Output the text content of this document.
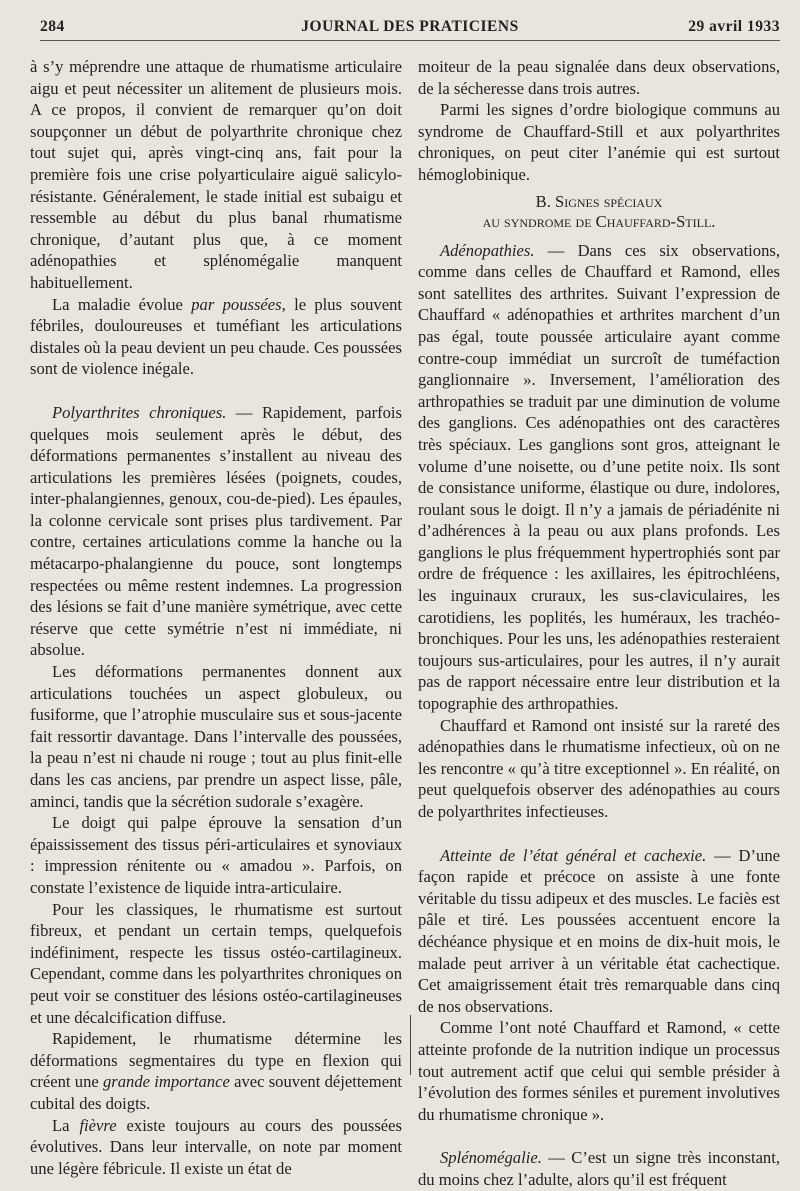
284	JOURNAL DES PRATICIENS	29 avril 1933

à s’y méprendre une attaque de rhumatisme articulaire aigu et peut nécessiter un alitement de plusieurs mois. A ce propos, il convient de remarquer qu’on doit soupçonner un début de polyarthrite chronique chez tout sujet qui, après vingt-cinq ans, fait pour la première fois une crise polyarticulaire aiguë salicylo-résistante. Généralement, le stade initial est subaigu et ressemble au début du plus banal rhumatisme chronique, d’autant plus que, à ce moment adénopathies et splénomégalie manquent habituellement.

La maladie évolue par poussées, le plus souvent fébriles, douloureuses et tuméfiant les articulations distales où la peau devient un peu chaude. Ces poussées sont de violence inégale.

Polyarthrites chroniques. — Rapidement, parfois quelques mois seulement après le début, des déformations permanentes s’installent au niveau des articulations les premières lésées (poignets, coudes, inter-phalangiennes, genoux, cou-de-pied). Les épaules, la colonne cervicale sont prises plus tardivement. Par contre, certaines articulations comme la hanche ou la métacarpo-phalangienne du pouce, sont longtemps respectées ou même restent indemnes. La progression des lésions se fait d’une manière symétrique, avec cette réserve que cette symétrie n’est ni immédiate, ni absolue.

Les déformations permanentes donnent aux articulations touchées un aspect globuleux, ou fusiforme, que l’atrophie musculaire sus et sous-jacente fait ressortir davantage. Dans l’intervalle des poussées, la peau n’est ni chaude ni rouge ; tout au plus finit-elle dans les cas anciens, par prendre un aspect lisse, pâle, aminci, tandis que la sécrétion sudorale s’exagère.

Le doigt qui palpe éprouve la sensation d’un épaississement des tissus péri-articulaires et synoviaux : impression rénitente ou « amadou ». Parfois, on constate l’existence de liquide intra-articulaire.

Pour les classiques, le rhumatisme est surtout fibreux, et pendant un certain temps, quelquefois indéfiniment, respecte les tissus ostéo-cartilagineux. Cependant, comme dans les polyarthrites chroniques on peut voir se constituer des lésions ostéo-cartilagineuses et une décalcification diffuse.

Rapidement, le rhumatisme détermine les déformations segmentaires du type en flexion qui créent une grande importance avec souvent déjettement cubital des doigts.

La fièvre existe toujours au cours des poussées évolutives. Dans leur intervalle, on note par moment une légère fébricule. Il existe un état de

moiteur de la peau signalée dans deux observations, de la sécheresse dans trois autres.

Parmi les signes d’ordre biologique communs au syndrome de Chauffard-Still et aux polyarthrites chroniques, on peut citer l’anémie qui est surtout hémoglobinique.

B. Signes spéciaux
au syndrome de Chauffard-Still.

Adénopathies. — Dans ces six observations, comme dans celles de Chauffard et Ramond, elles sont satellites des arthrites. Suivant l’expression de Chauffard « adénopathies et arthrites marchent d’un pas égal, toute poussée articulaire ayant comme contre-coup immédiat un surcroît de tuméfaction ganglionnaire ». Inversement, l’amélioration des arthropathies se traduit par une diminution de volume des ganglions. Ces adénopathies ont des caractères très spéciaux. Les ganglions sont gros, atteignant le volume d’une noisette, ou d’une petite noix. Ils sont de consistance uniforme, élastique ou dure, indolores, roulant sous le doigt. Il n’y a jamais de périadénite ni d’adhérences à la peau ou aux plans profonds. Les ganglions le plus fréquemment hypertrophiés sont par ordre de fréquence : les axillaires, les épitrochléens, les inguinaux cruraux, les sus-claviculaires, les carotidiens, les poplités, les huméraux, les trachéo-bronchiques. Pour les uns, les adénopathies resteraient toujours sus-articulaires, pour les autres, il n’y aurait pas de rapport nécessaire entre leur distribution et la topographie des arthropathies.

Chauffard et Ramond ont insisté sur la rareté des adénopathies dans le rhumatisme infectieux, où on ne les rencontre « qu’à titre exceptionnel ». En réalité, on peut quelquefois observer des adénopathies au cours de polyarthrites infectieuses.

Atteinte de l’état général et cachexie. — D’une façon rapide et précoce on assiste à une fonte véritable du tissu adipeux et des muscles. Le faciès est pâle et tiré. Les poussées accentuent encore la déchéance physique et en moins de dix-huit mois, le malade peut arriver à un véritable état cachectique. Cet amaigrissement était très remarquable dans cinq de nos observations.

Comme l’ont noté Chauffard et Ramond, « cette atteinte profonde de la nutrition indique un processus tout autrement actif que celui qui semble présider à l’évolution des formes séniles et purement involutives du rhumatisme chronique ».

Splénomégalie. — C’est un signe très inconstant, du moins chez l’adulte, alors qu’il est fréquent
